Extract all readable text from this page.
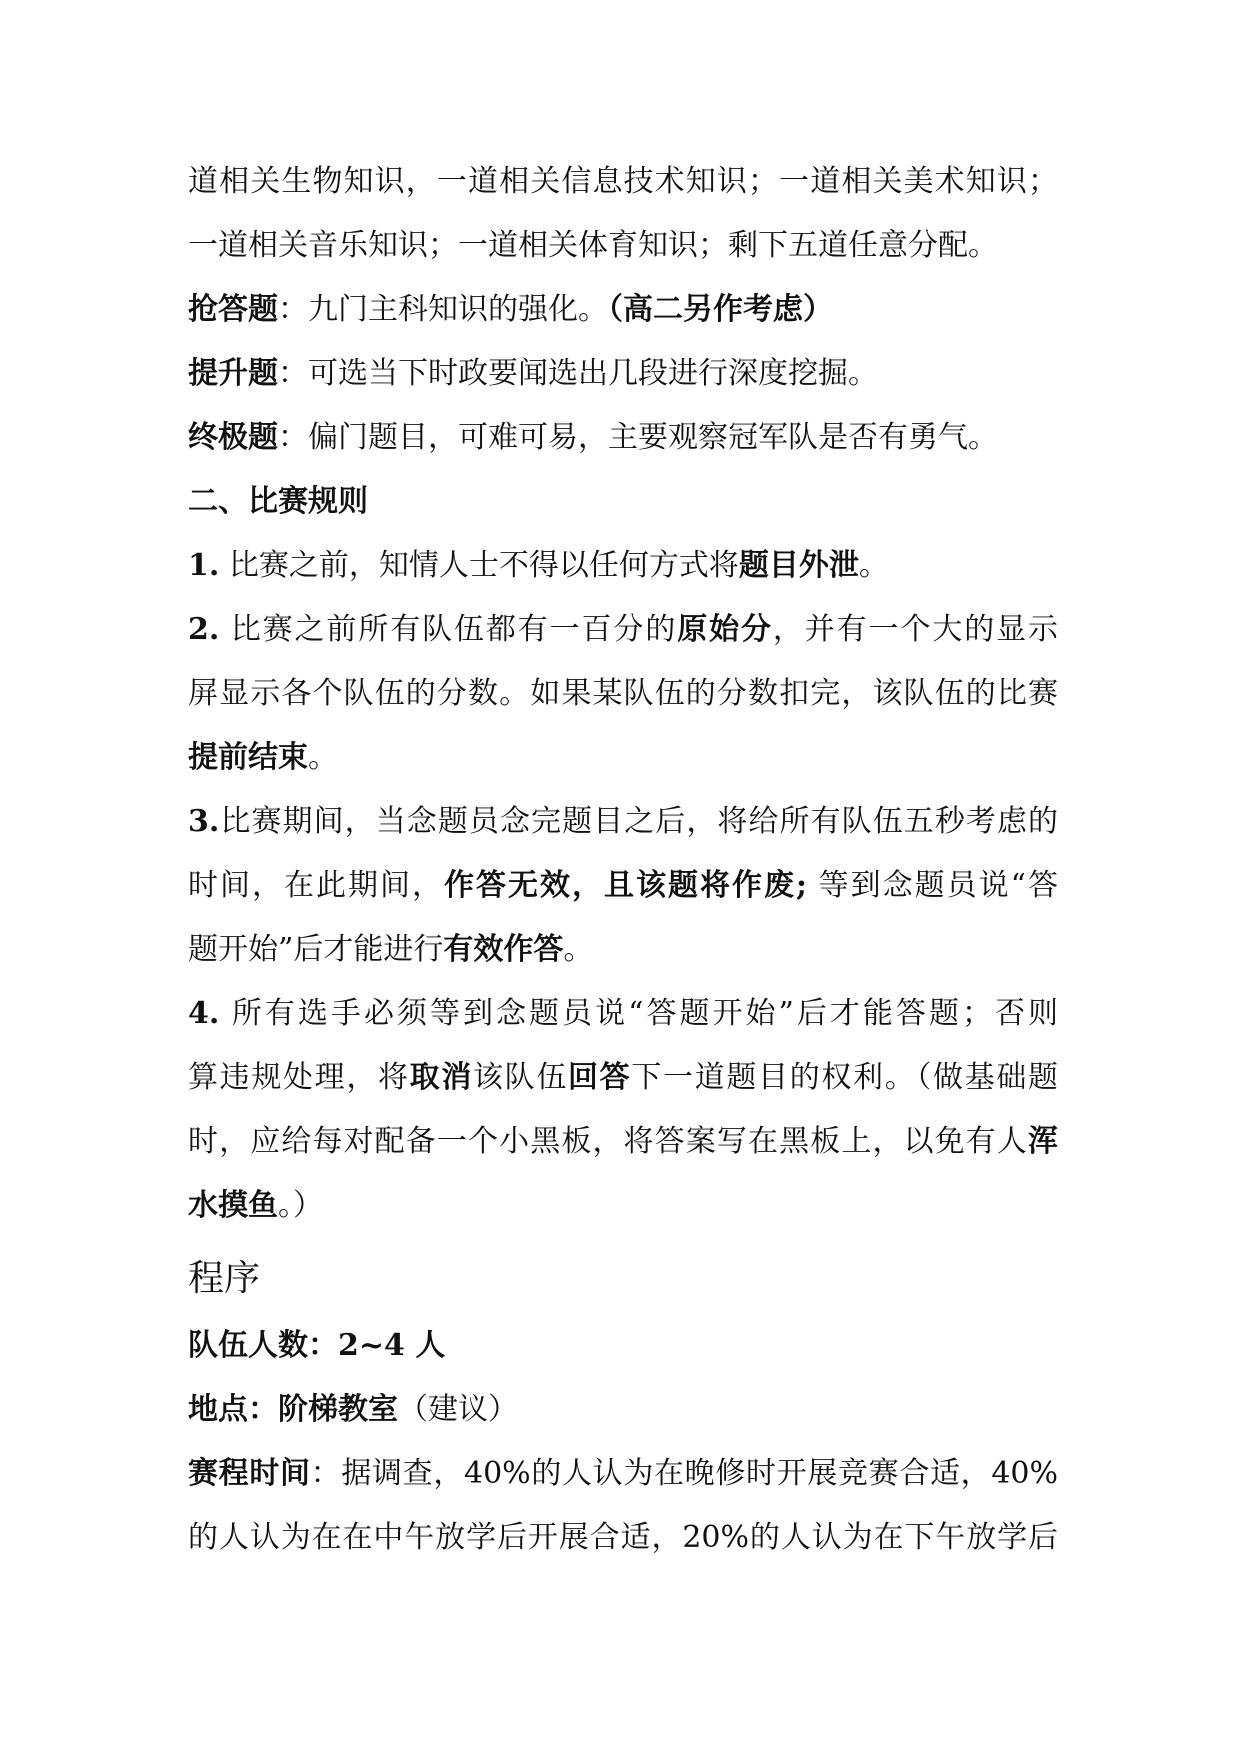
道相关生物知识，一道相关信息技术知识；一道相关美术知识；
一道相关音乐知识；一道相关体育知识；剩下五道任意分配。
抢答题：九门主科知识的强化。（高二另作考虑）
提升题：可选当下时政要闻选出几段进行深度挖掘。
终极题：偏门题目，可难可易，主要观察冠军队是否有勇气。
二、比赛规则
1. 比赛之前，知情人士不得以任何方式将题目外泄。
2. 比赛之前所有队伍都有一百分的原始分，并有一个大的显示
屏显示各个队伍的分数。如果某队伍的分数扣完，该队伍的比赛
提前结束。
3.比赛期间，当念题员念完题目之后，将给所有队伍五秒考虑的
时间，在此期间，作答无效，且该题将作废; 等到念题员说“答
题开始”后才能进行有效作答。
4. 所有选手必须等到念题员说“答题开始”后才能答题；否则
算违规处理，将取消该队伍回答下一道题目的权利。（做基础题
时，应给每对配备一个小黑板，将答案写在黑板上，以免有人浑
水摸鱼。）
程序
队伍人数：2~4 人
地点：阶梯教室（建议）
赛程时间：据调查，40%的人认为在晚修时开展竞赛合适，40%
的人认为在在中午放学后开展合适，20%的人认为在下午放学后
